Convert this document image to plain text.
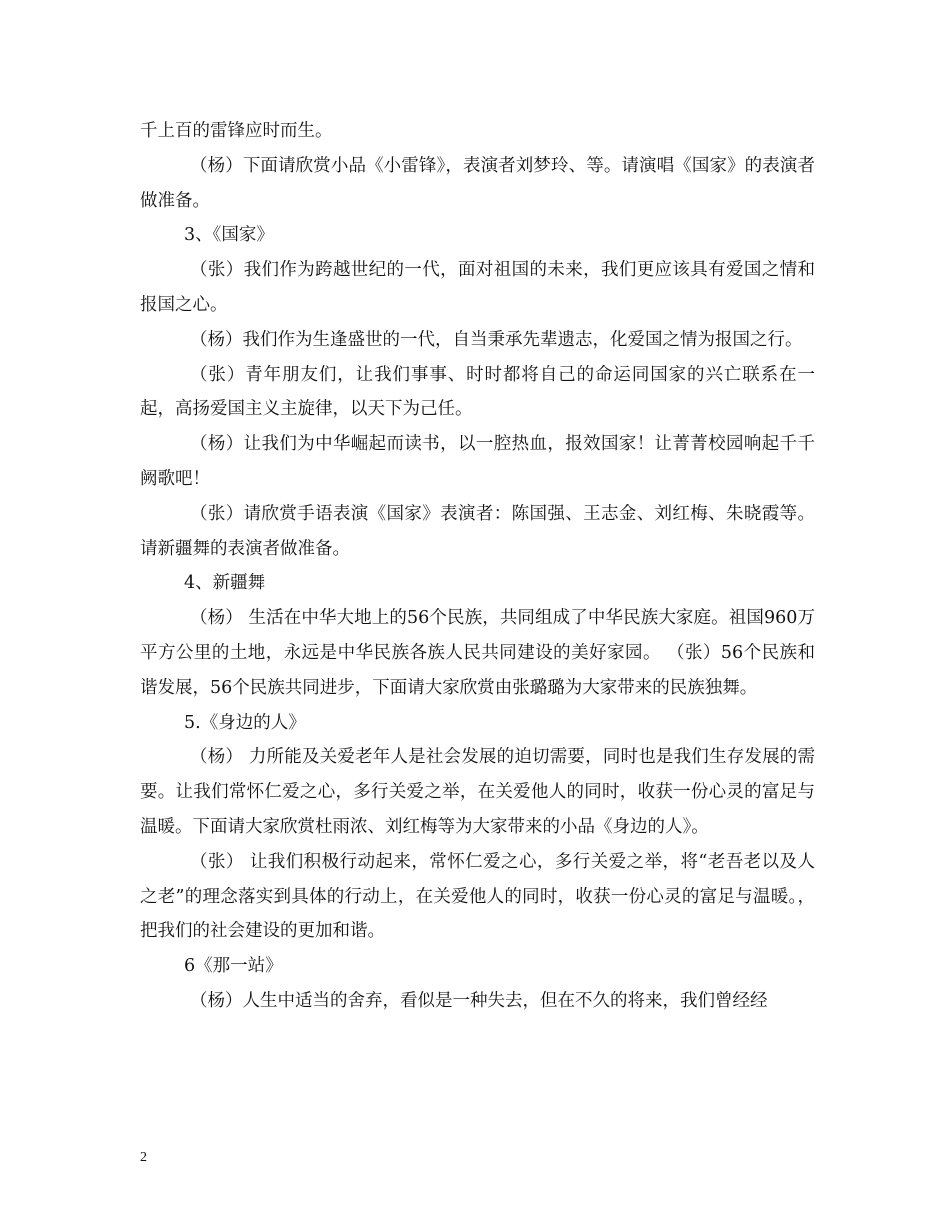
千上百的雷锋应时而生。

（杨）下面请欣赏小品《小雷锋》，表演者刘梦玲、等。请演唱《国家》的表演者做准备。

3、《国家》

（张）我们作为跨越世纪的一代，面对祖国的未来，我们更应该具有爱国之情和报国之心。

（杨）我们作为生逢盛世的一代，自当秉承先辈遗志，化爱国之情为报国之行。

（张）青年朋友们，让我们事事、时时都将自己的命运同国家的兴亡联系在一起，高扬爱国主义主旋律，以天下为己任。

（杨）让我们为中华崛起而读书，以一腔热血，报效国家！让菁菁校园响起千千阙歌吧！

（张）请欣赏手语表演《国家》表演者：陈国强、王志金、刘红梅、朱晓霞等。请新疆舞的表演者做准备。

4、新疆舞

（杨） 生活在中华大地上的56个民族，共同组成了中华民族大家庭。祖国960万平方公里的土地，永远是中华民族各族人民共同建设的美好家园。 （张）56个民族和谐发展，56个民族共同进步，下面请大家欣赏由张璐璐为大家带来的民族独舞。

5.《身边的人》

（杨） 力所能及关爱老年人是社会发展的迫切需要，同时也是我们生存发展的需要。让我们常怀仁爱之心，多行关爱之举，在关爱他人的同时，收获一份心灵的富足与温暖。下面请大家欣赏杜雨浓、刘红梅等为大家带来的小品《身边的人》。

（张） 让我们积极行动起来，常怀仁爱之心，多行关爱之举，将“老吾老以及人之老”的理念落实到具体的行动上，在关爱他人的同时，收获一份心灵的富足与温暖。，把我们的社会建设的更加和谐。

6《那一站》

（杨）人生中适当的舍弃，看似是一种失去，但在不久的将来，我们曾经经

2
